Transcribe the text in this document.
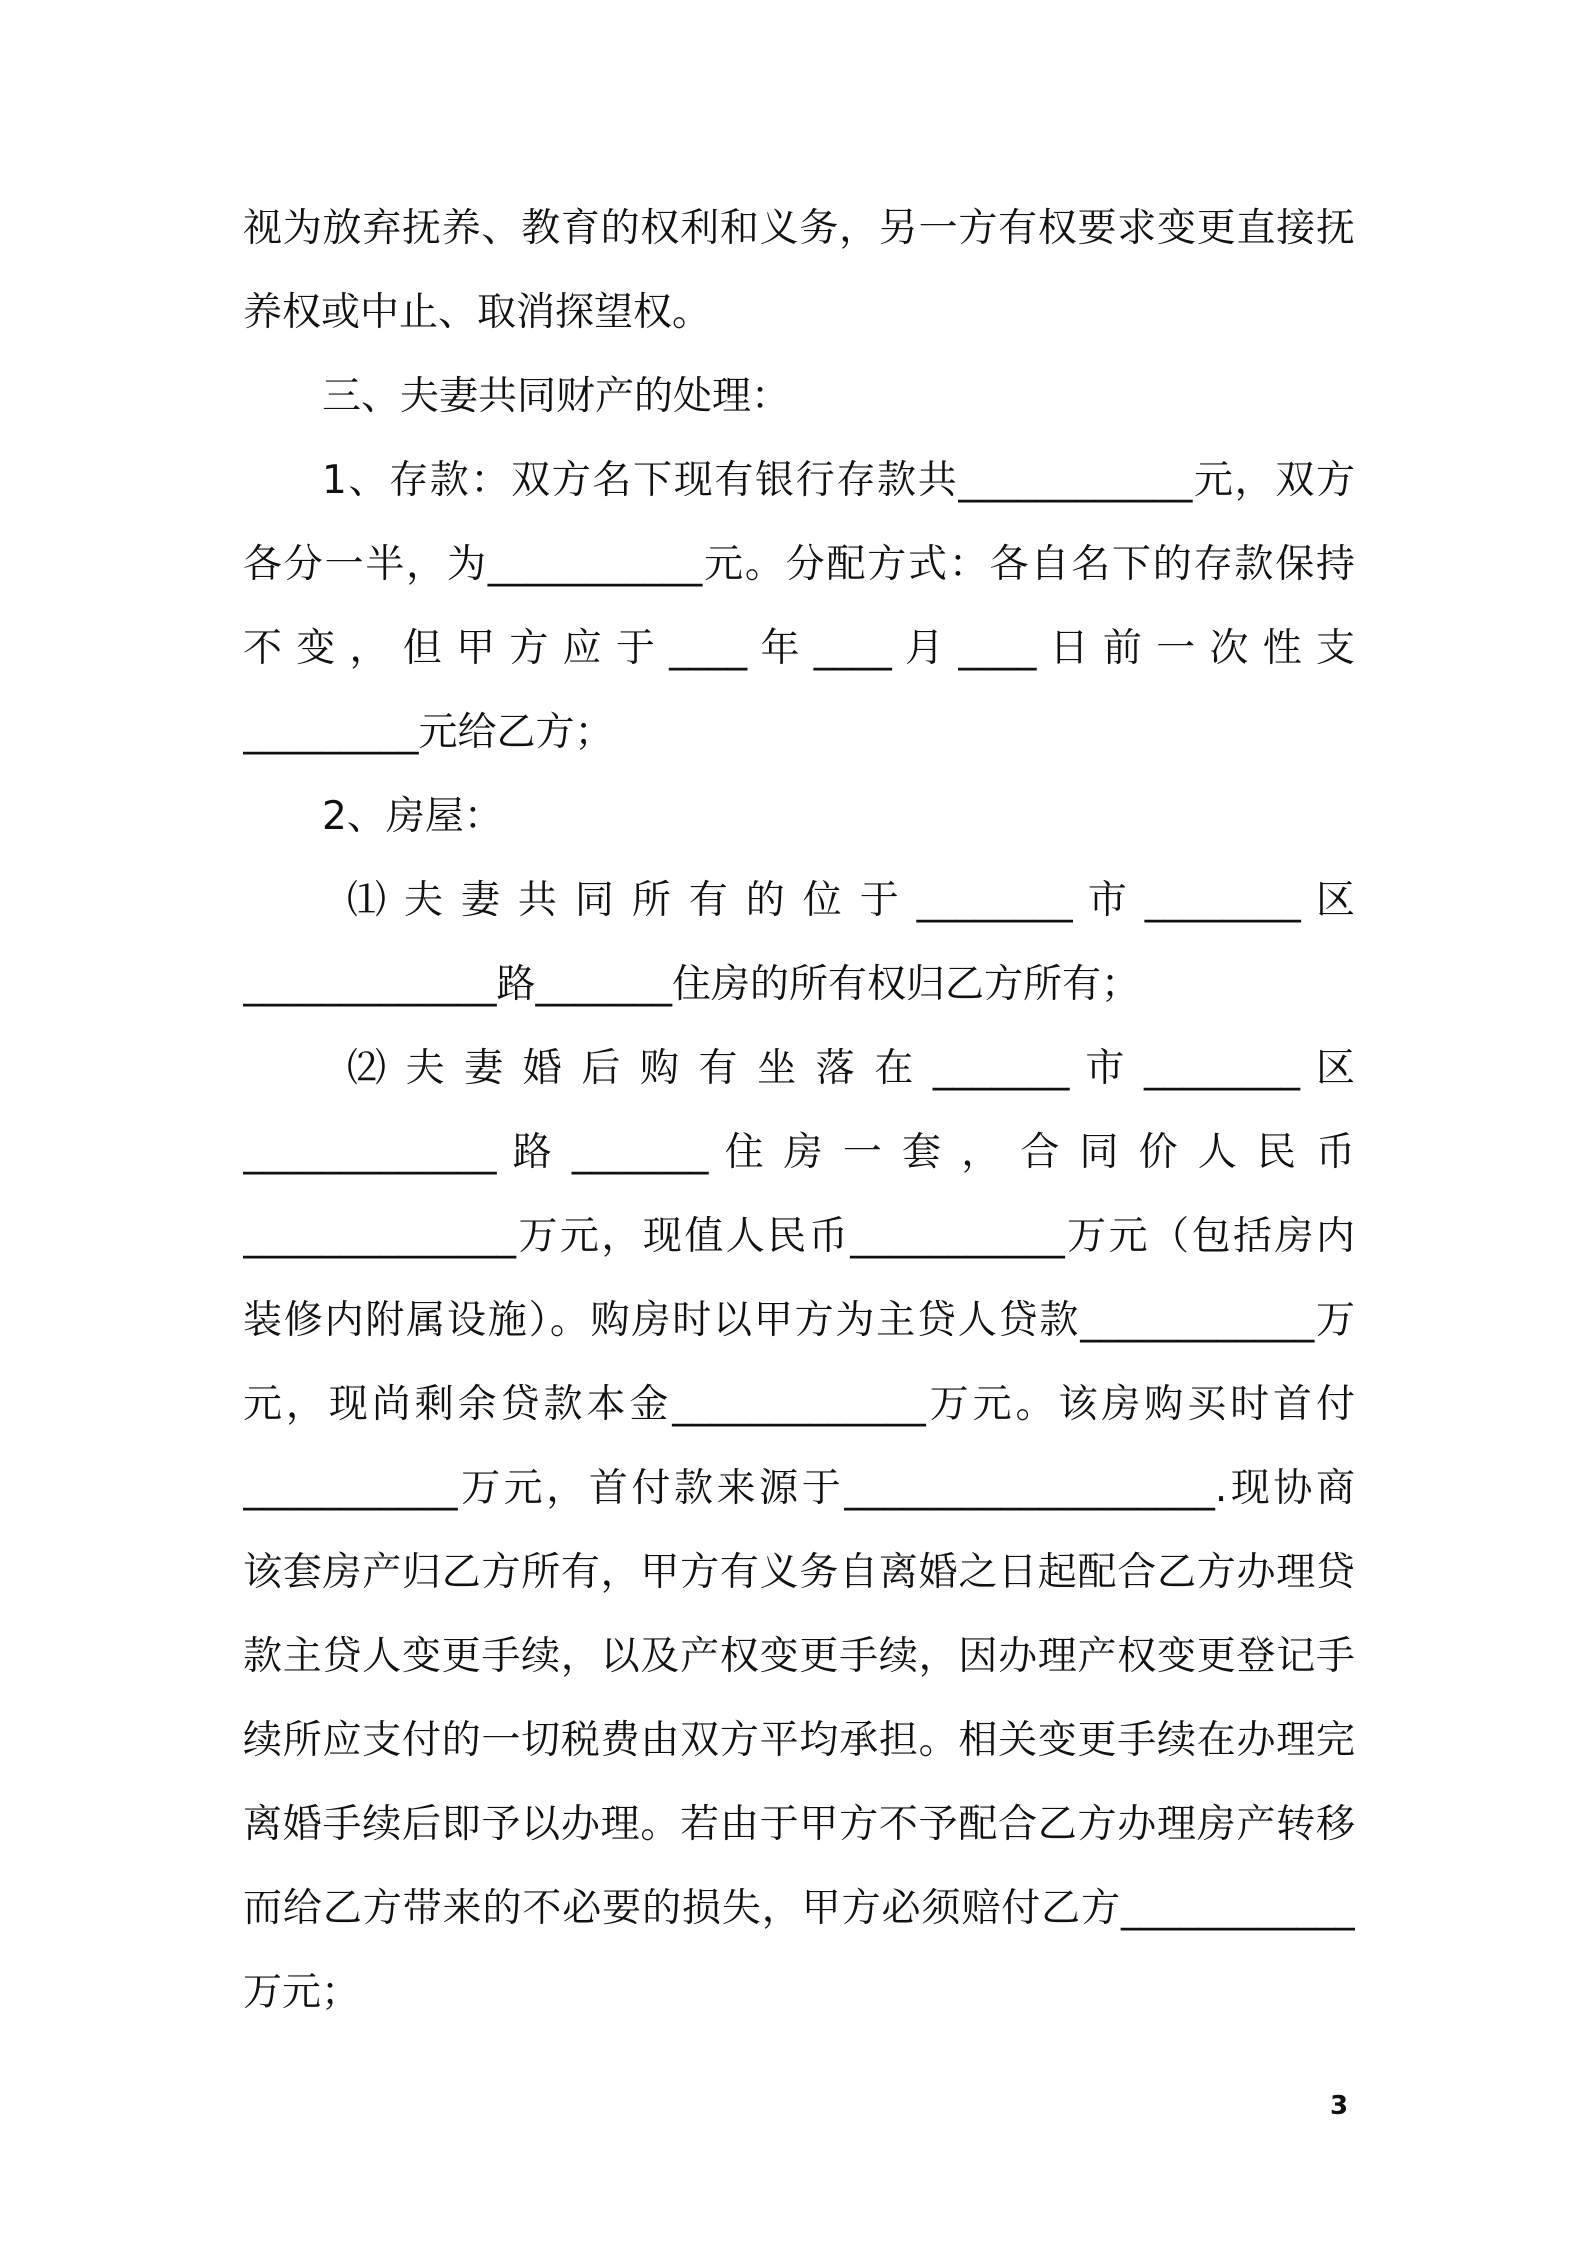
视为放弃抚养、教育的权利和义务，另一方有权要求变更直接抚
养权或中止、取消探望权。
三、夫妻共同财产的处理：
1、存款：双方名下现有银行存款共____________元，双方
各分一半，为___________元。分配方式：各自名下的存款保持
不 变 ， 但 甲 方 应 于 ____ 年 ____ 月 ____ 日 前 一 次 性 支
_________元给乙方；
2、房屋：
⑴ 夫 妻 共 同 所 有 的 位 于 ________ 市 ________ 区
_____________路_______住房的所有权归乙方所有；
⑵ 夫 妻 婚 后 购 有 坐 落 在 _______ 市 ________ 区
_____________ 路 _______ 住 房 一 套 ， 合 同 价 人 民 币
______________万元，现值人民币___________万元（包括房内
装修内附属设施）。购房时以甲方为主贷人贷款____________万
元，现尚剩余贷款本金_____________万元。该房购买时首付
___________万元，首付款来源于___________________.现协商
该套房产归乙方所有，甲方有义务自离婚之日起配合乙方办理贷
款主贷人变更手续，以及产权变更手续，因办理产权变更登记手
续所应支付的一切税费由双方平均承担。相关变更手续在办理完
离婚手续后即予以办理。若由于甲方不予配合乙方办理房产转移
而给乙方带来的不必要的损失，甲方必须赔付乙方____________
万元；
3
